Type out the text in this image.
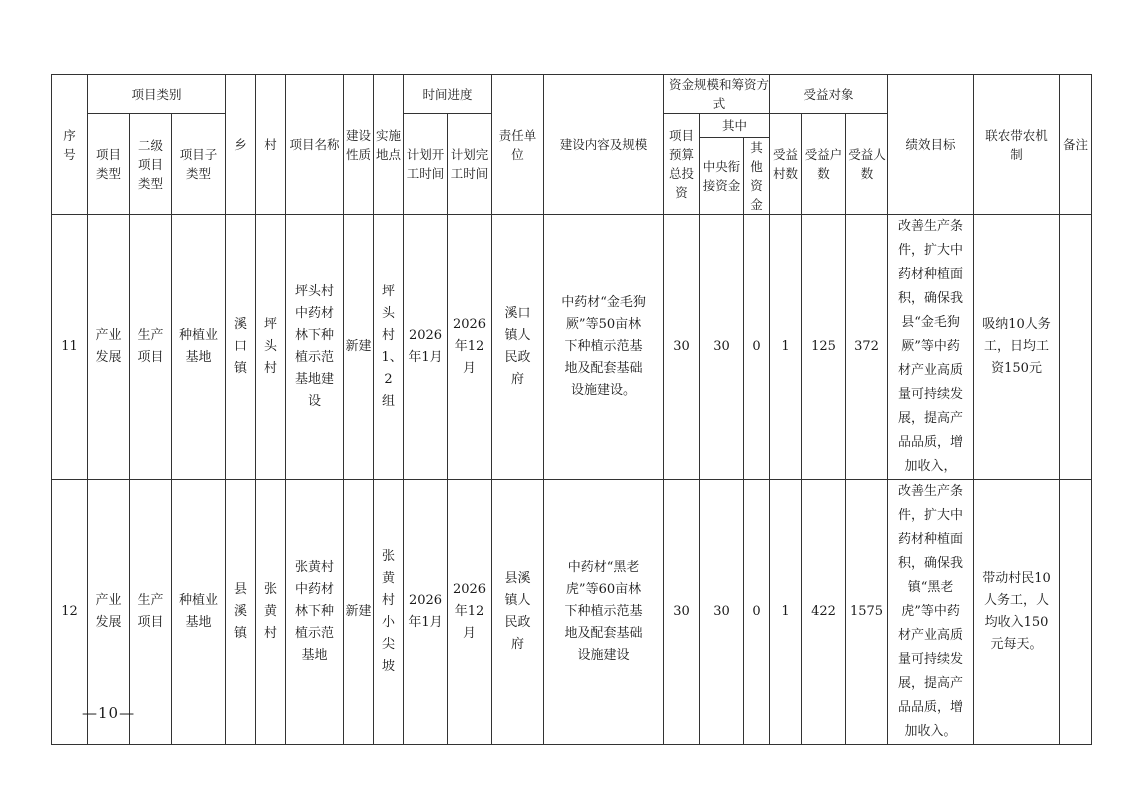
序号	项目类别			乡	村	项目名称	建设性质	实施地点	时间进度		责任单位	建设内容及规模	资金规模和筹资方式			受益对象			绩效目标	联农带农机制	备注

	项目类型	二级项目类型	项目子类型						计划开工时间	计划完工时间			项目预算总投资	其中		受益村数	受益户数	受益人数			

														中央衔接资金	其他资金						

11	产业发展	生产项目	种植业基地	溪口镇	坪头村	坪头村中药材林下种植示范基地建设	新建	坪头村1、2组	2026年1月	2026年12月	溪口镇人民政府	中药材“金毛狗厥”等50亩林下种植示范基地及配套基础设施建设。	30	30	0	1	125	372	改善生产条件，扩大中药材种植面积，确保我县“金毛狗厥”等中药材产业高质量可持续发展，提高产品品质，增加收入，	吸纳10人务工，日均工资150元	

12	产业发展	生产项目	种植业基地	县溪镇	张黄村	张黄村中药材林下种植示范基地	新建	张黄村小尖坡	2026年1月	2026年12月	县溪镇人民政府	中药材“黑老虎”等60亩林下种植示范基地及配套基础设施建设	30	30	0	1	422	1575	改善生产条件，扩大中药材种植面积，确保我镇“黑老虎”等中药材产业高质量可持续发展，提高产品品质，增加收入。	带动村民10人务工，人均收入150元每天。	

—10—
